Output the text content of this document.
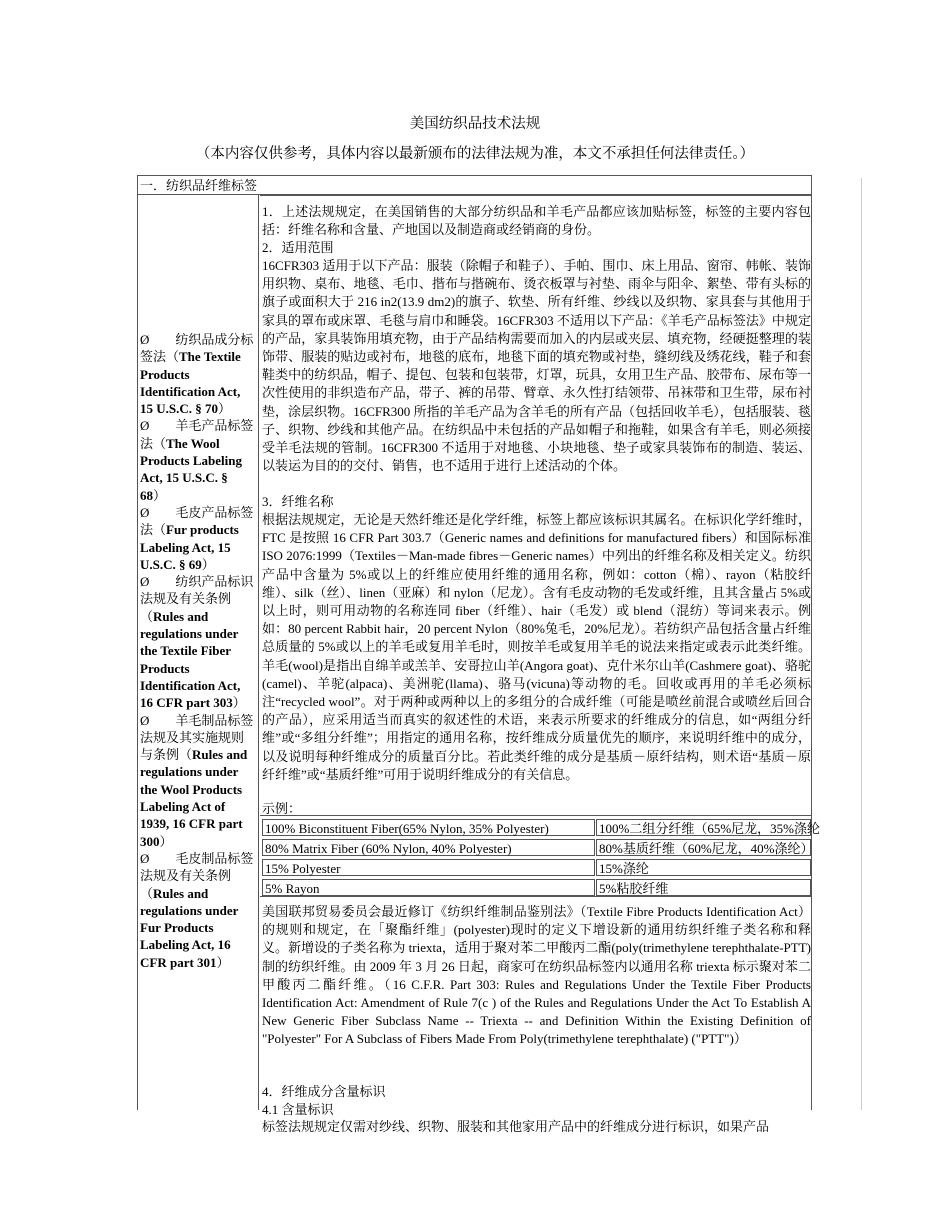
美国纺织品技术法规
（本内容仅供参考，具体内容以最新颁布的法律法规为准，本文不承担任何法律责任。）
一．纺织品纤维标签
Ø 纺织品成分标签法（The Textile Products Identification Act, 15 U.S.C. § 70）
Ø 羊毛产品标签法（The Wool Products Labeling Act, 15 U.S.C. § 68）
Ø 毛皮产品标签法（Fur products Labeling Act, 15 U.S.C. § 69）
Ø 纺织产品标识法规及有关条例（Rules and regulations under the Textile Fiber Products Identification Act, 16 CFR part 303）
Ø 羊毛制品标签法规及其实施规则与条例（Rules and regulations under the Wool Products Labeling Act of 1939, 16 CFR part 300）
Ø 毛皮制品标签法规及有关条例（Rules and regulations under Fur Products Labeling Act, 16 CFR part 301）
1．上述法规规定，在美国销售的大部分纺织品和羊毛产品都应该加贴标签，标签的主要内容包括：纤维名称和含量、产地国以及制造商或经销商的身份。
2．适用范围
16CFR303 适用于以下产品：服装（除帽子和鞋子）、手帕、围巾、床上用品、窗帘、帏帐、装饰用织物、桌布、地毯、毛巾、揩布与揩碗布、烫衣板罩与衬垫、雨伞与阳伞、絮垫、带有头标的旗子或面积大于 216 in2(13.9 dm2)的旗子、软垫、所有纤维、纱线以及织物、家具套与其他用于家具的罩布或床罩、毛毯与肩巾和睡袋。16CFR303 不适用以下产品：《羊毛产品标签法》中规定的产品，家具装饰用填充物，由于产品结构需要而加入的内层或夹层、填充物，经硬挺整理的装饰带、服装的贴边或衬布，地毯的底布，地毯下面的填充物或衬垫，缝纫线及绣花线，鞋子和套鞋类中的纺织品，帽子、提包、包装和包装带，灯罩，玩具，女用卫生产品、胶带布、尿布等一次性使用的非织造布产品，带子、裤的吊带、臂章、永久性打结领带、吊袜带和卫生带，尿布衬垫，涂层织物。16CFR300 所指的羊毛产品为含羊毛的所有产品（包括回收羊毛），包括服装、毯子、织物、纱线和其他产品。在纺织品中未包括的产品如帽子和拖鞋，如果含有羊毛，则必须接受羊毛法规的管制。16CFR300 不适用于对地毯、小块地毯、垫子或家具装饰布的制造、装运、以装运为目的的交付、销售，也不适用于进行上述活动的个体。
3．纤维名称
根据法规规定，无论是天然纤维还是化学纤维，标签上都应该标识其属名。在标识化学纤维时，FTC 是按照 16 CFR Part 303.7（Generic names and definitions for manufactured fibers）和国际标准 ISO 2076:1999（Textiles－Man-made fibres－Generic names）中列出的纤维名称及相关定义。纺织产品中含量为 5%或以上的纤维应使用纤维的通用名称，例如：cotton（棉）、rayon（粘胶纤维）、silk（丝）、linen（亚麻）和 nylon（尼龙）。含有毛皮动物的毛发或纤维，且其含量占 5%或以上时，则可用动物的名称连同 fiber（纤维）、hair（毛发）或 blend（混纺）等词来表示。例如：80 percent Rabbit hair，20 percent Nylon（80%兔毛，20%尼龙）。若纺织产品包括含量占纤维总质量的 5%或以上的羊毛或复用羊毛时，则按羊毛或复用羊毛的说法来指定或表示此类纤维。羊毛(wool)是指出自绵羊或羔羊、安哥拉山羊(Angora goat)、克什米尔山羊(Cashmere goat)、骆驼(camel)、羊驼(alpaca)、美洲驼(llama)、骆马(vicuna)等动物的毛。回收或再用的羊毛必须标注“recycled wool”。对于两种或两种以上的多组分的合成纤维（可能是喷丝前混合或喷丝后回合的产品），应采用适当而真实的叙述性的术语，来表示所要求的纤维成分的信息，如“两组分纤维”或“多组分纤维”；用指定的通用名称，按纤维成分质量优先的顺序，来说明纤维中的成分，以及说明每种纤维成分的质量百分比。若此类纤维的成分是基质－原纤结构，则术语“基质－原纤纤维”或“基质纤维”可用于说明纤维成分的有关信息。
示例：
100% Biconstituent Fiber(65% Nylon, 35% Polyester)	100%二组分纤维（65%尼龙，35%涤纶
80% Matrix Fiber (60% Nylon, 40% Polyester)	80%基质纤维（60%尼龙，40%涤纶）
15% Polyester	15%涤纶
5% Rayon	5%粘胶纤维
美国联邦贸易委员会最近修订《纺织纤维制品鉴别法》（Textile Fibre Products Identification Act）的规则和规定，在「聚酯纤维」(polyester)现时的定义下增设新的通用纺织纤维子类名称和释义。新增设的子类名称为 triexta，适用于聚对苯二甲酸丙二酯(poly(trimethylene terephthalate-PTT)制的纺织纤维。由 2009 年 3 月 26 日起，商家可在纺织品标签内以通用名称 triexta 标示聚对苯二甲酸丙二酯纤维。（16 C.F.R. Part 303: Rules and Regulations Under the Textile Fiber Products Identification Act: Amendment of Rule 7(c ) of the Rules and Regulations Under the Act To Establish A New Generic Fiber Subclass Name -- Triexta -- and Definition Within the Existing Definition of "Polyester" For A Subclass of Fibers Made From Poly(trimethylene terephthalate) ("PTT")）
4．纤维成分含量标识
4.1 含量标识
标签法规规定仅需对纱线、织物、服装和其他家用产品中的纤维成分进行标识，如果产品
